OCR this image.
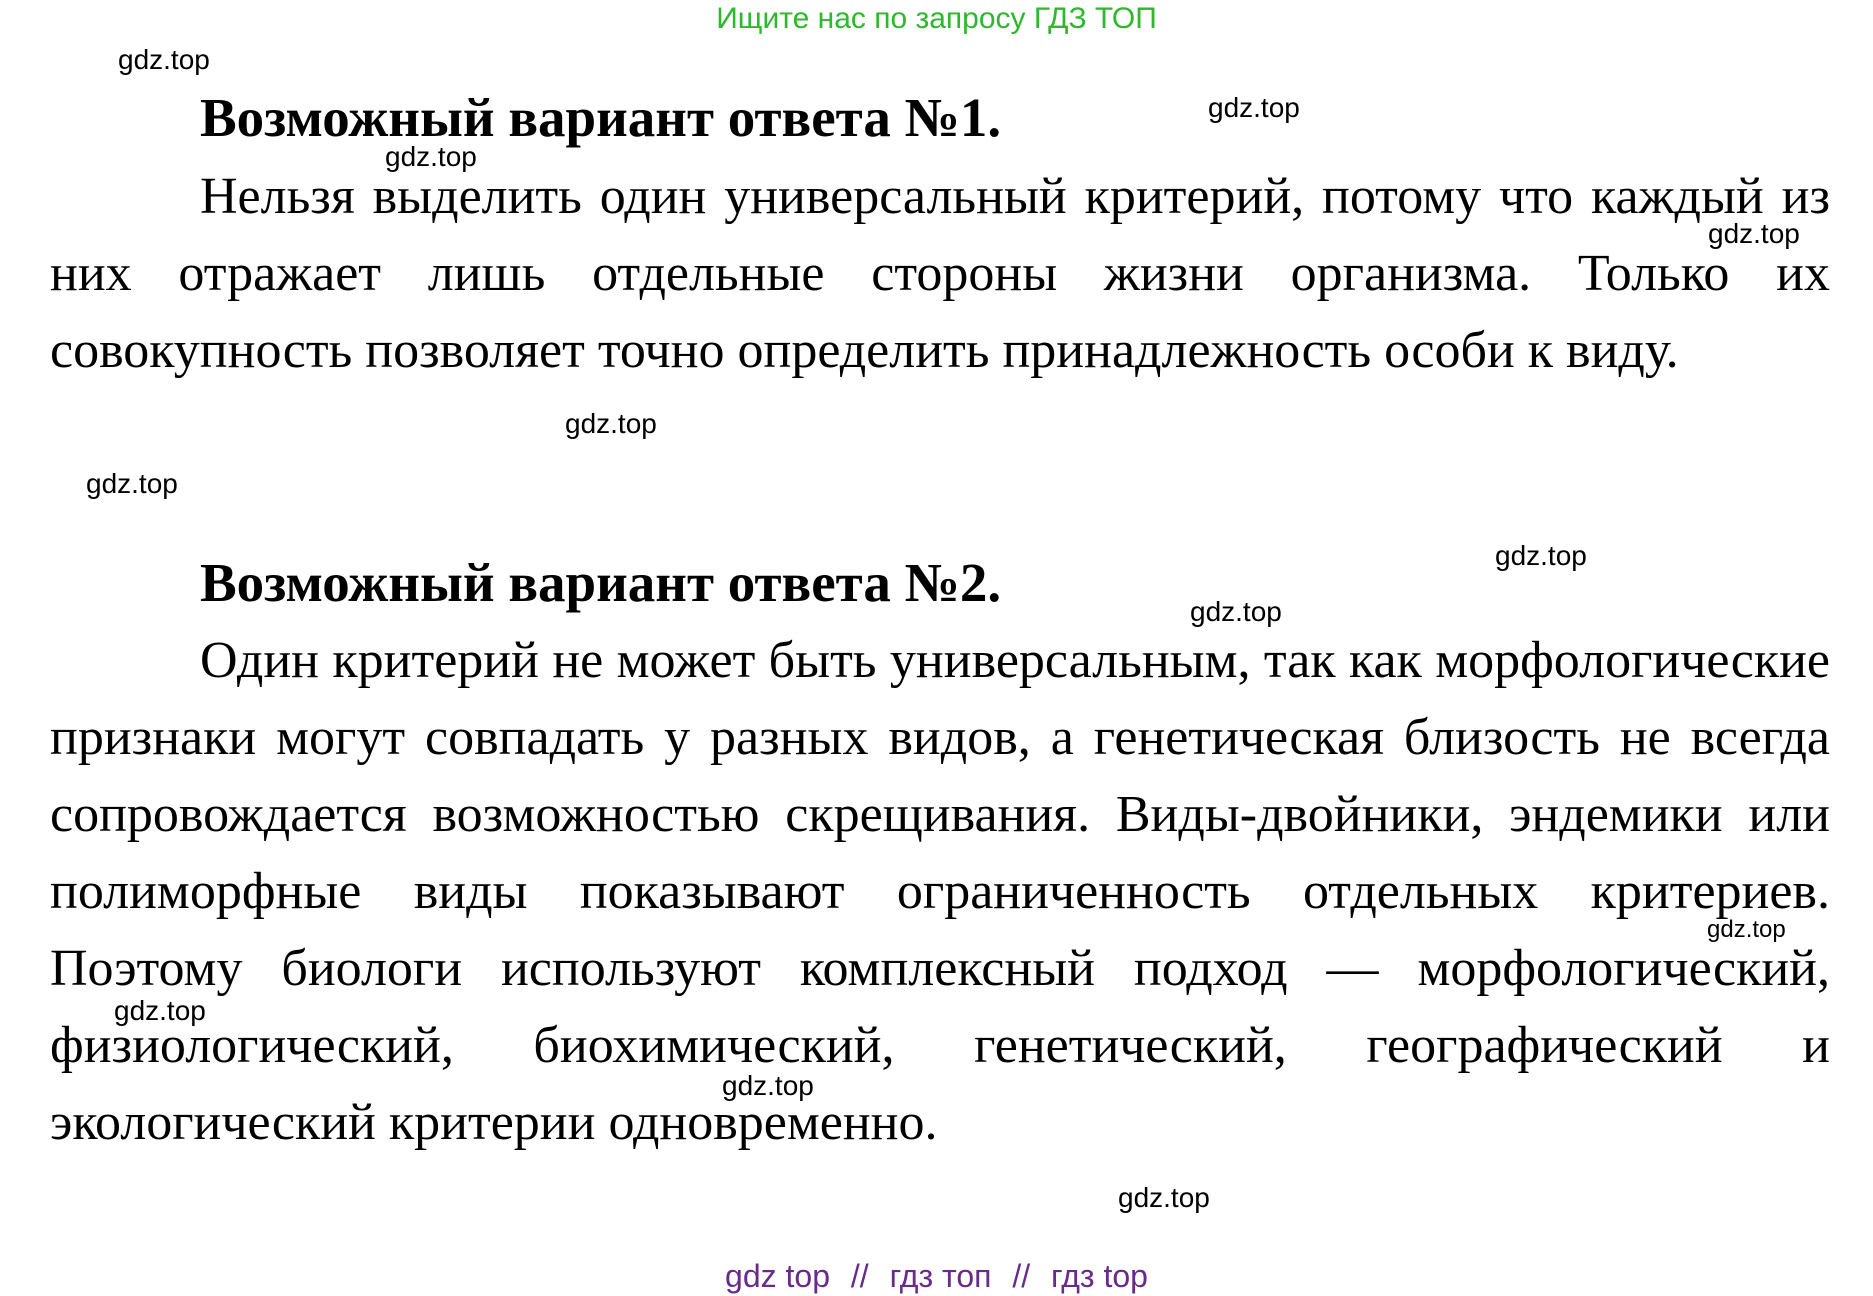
Ищите нас по запросу ГДЗ ТОП
Возможный вариант ответа №1.

Нельзя выделить один универсальный критерий, потому что каждый из них отражает лишь отдельные стороны жизни организма. Только их совокупность позволяет точно определить принадлежность особи к виду.

Возможный вариант ответа №2.

Один критерий не может быть универсальным, так как морфологические признаки могут совпадать у разных видов, а генетическая близость не всегда сопровождается возможностью скрещивания. Виды-двойники, эндемики или полиморфные виды показывают ограниченность отдельных критериев. Поэтому биологи используют комплексный подход — морфологический, физиологический, биохимический, генетический, географический и экологический критерии одновременно.

gdz.top
gdz.top
gdz.top
gdz.top
gdz.top
gdz.top
gdz.top
gdz.top
gdz.top
gdz.top
gdz.top
gdz.top
gdz top // гдз топ // гдз top
